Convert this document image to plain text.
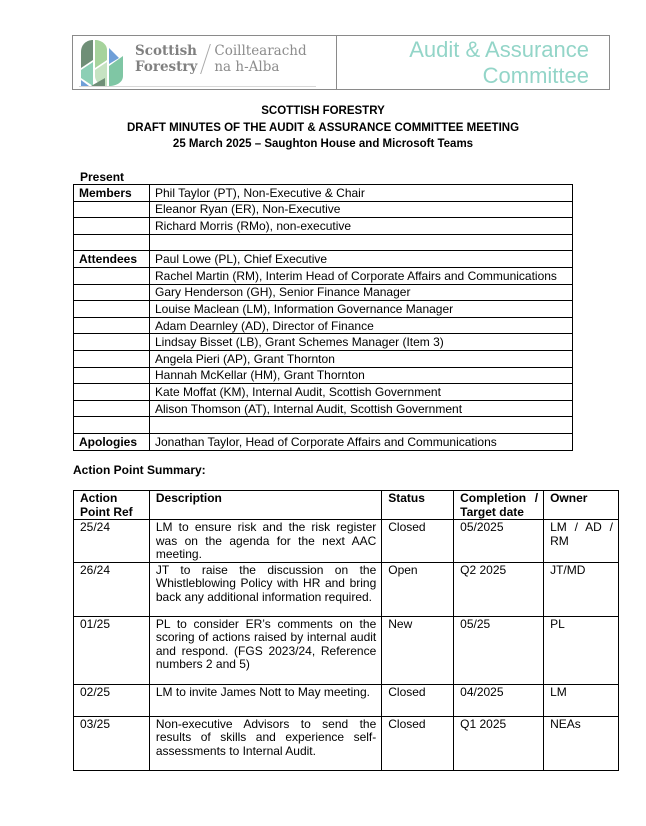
Scottish
Forestry
Coilltearachd
na h-Alba
Audit & Assurance
Committee
SCOTTISH FORESTRY
DRAFT MINUTES OF THE AUDIT & ASSURANCE COMMITTEE MEETING
25 March 2025 – Saughton House and Microsoft Teams
Present
Members	Phil Taylor (PT), Non-Executive & Chair
	Eleanor Ryan (ER), Non-Executive
	Richard Morris (RMo), non-executive

Attendees	Paul Lowe (PL), Chief Executive
	Rachel Martin (RM), Interim Head of Corporate Affairs and Communications
	Gary Henderson (GH), Senior Finance Manager
	Louise Maclean (LM), Information Governance Manager
	Adam Dearnley (AD), Director of Finance
	Lindsay Bisset (LB), Grant Schemes Manager (Item 3)
	Angela Pieri (AP), Grant Thornton
	Hannah McKellar (HM), Grant Thornton
	Kate Moffat (KM), Internal Audit, Scottish Government
	Alison Thomson (AT), Internal Audit, Scottish Government

Apologies	Jonathan Taylor, Head of Corporate Affairs and Communications
Action Point Summary:
Action Point Ref	Description	Status	Completion / Target date	Owner
25/24	LM to ensure risk and the risk register was on the agenda for the next AAC meeting.	Closed	05/2025	LM / AD / RM
26/24	JT to raise the discussion on the Whistleblowing Policy with HR and bring back any additional information required.	Open	Q2 2025	JT/MD
01/25	PL to consider ER’s comments on the scoring of actions raised by internal audit and respond. (FGS 2023/24, Reference numbers 2 and 5)	New	05/25	PL
02/25	LM to invite James Nott to May meeting.	Closed	04/2025	LM
03/25	Non-executive Advisors to send the results of skills and experience self-assessments to Internal Audit.	Closed	Q1 2025	NEAs
